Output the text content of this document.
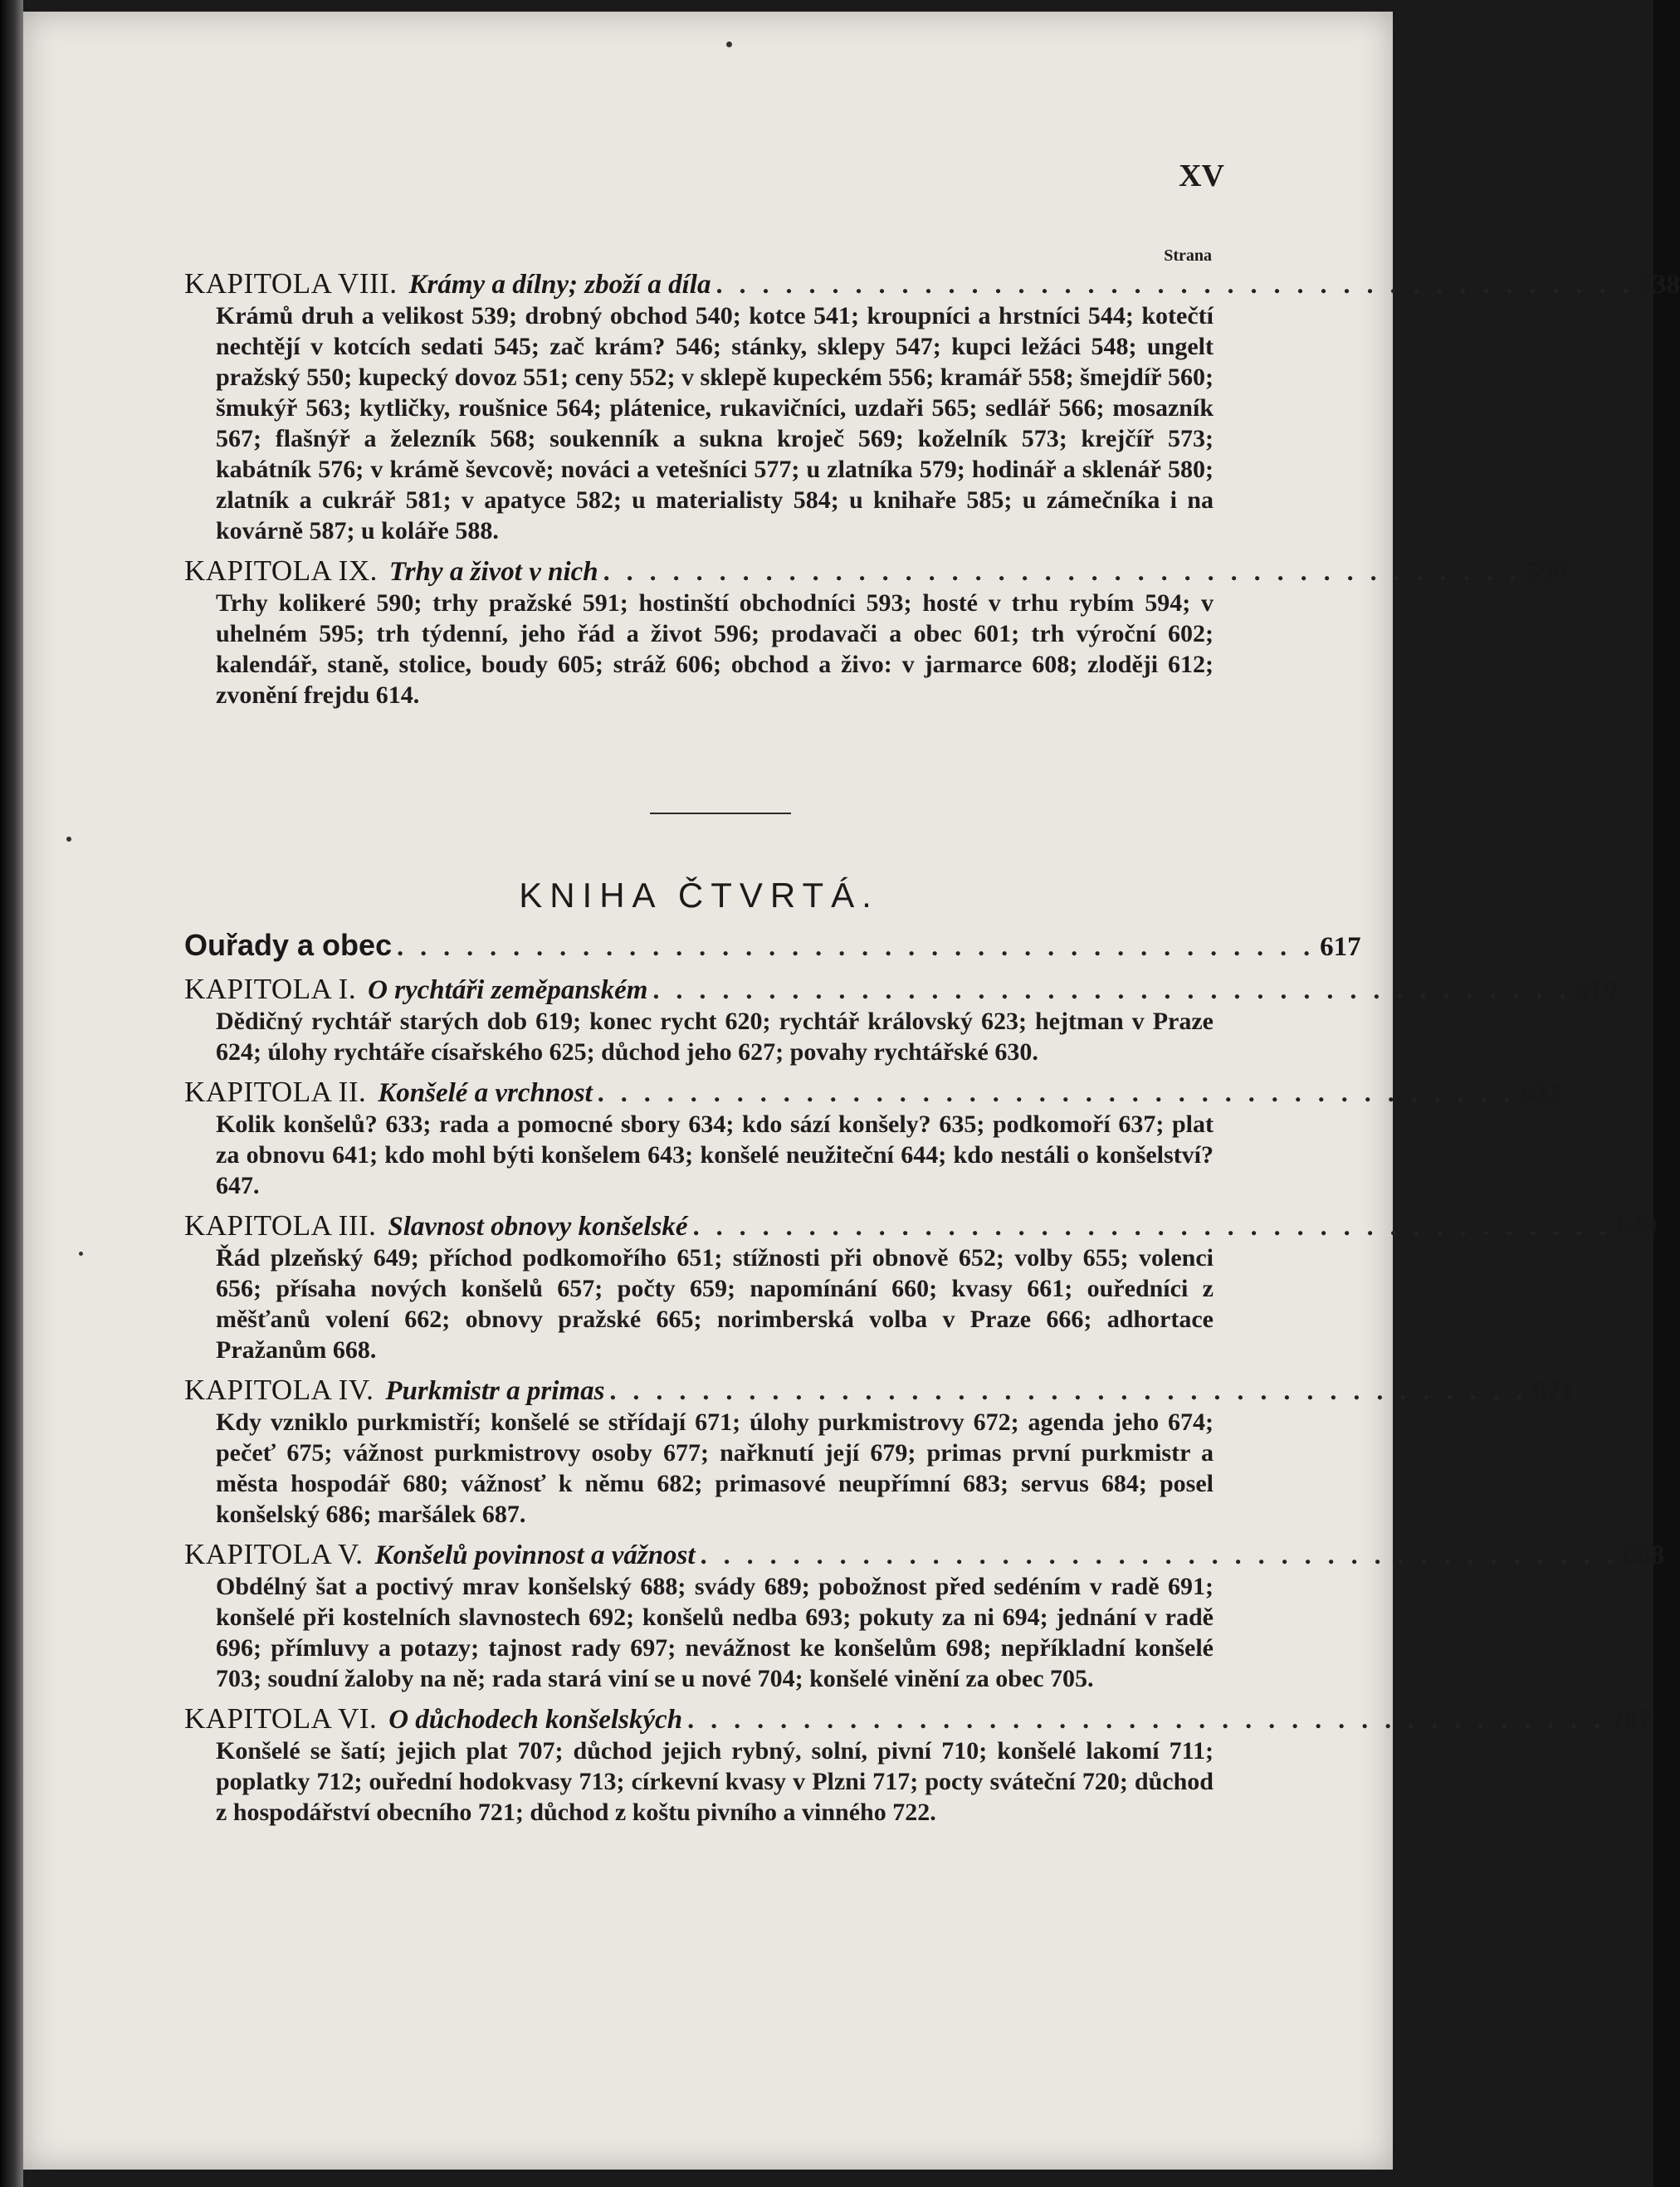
XV
Strana
KAPITOLA VIII. Krámy a dílny; zboží a díla . . . . . . . . . . . . . . . . . . . . . . . . . . . . . . . . . . . . . . . . 538
Krámů druh a velikost 539; drobný obchod 540; kotce 541; kroupníci a hrstníci 544; kotečtí nechtějí v kotcích sedati 545; zač krám? 546; stánky, sklepy 547; kupci ležáci 548; ungelt pražský 550; kupecký dovoz 551; ceny 552; v sklepě kupeckém 556; kramář 558; šmejdíř 560; šmukýř 563; kytličky, roušnice 564; plátenice, rukavičníci, uzdaři 565; sedlář 566; mosazník 567; flašnýř a železník 568; soukenník a sukna kroječ 569; koželník 573; krejčíř 573; kabátník 576; v krámě ševcově; nováci a vetešníci 577; u zlatníka 579; hodinář a sklenář 580; zlatník a cukrář 581; v apatyce 582; u materialisty 584; u knihaře 585; u zámečníka i na kovárně 587; u koláře 588.
KAPITOLA IX. Trhy a život v nich . . . . . . . . . . . . . . . . . . . . . . . . . . . . . . . . . . . . . . . . 590
Trhy kolikeré 590; trhy pražské 591; hostinští obchodníci 593; hosté v trhu rybím 594; v uhelném 595; trh týdenní, jeho řád a život 596; prodavači a obec 601; trh výroční 602; kalendář, staně, stolice, boudy 605; stráž 606; obchod a živo: v jarmarce 608; zloději 612; zvonění frejdu 614.
KNIHA ČTVRTÁ.
Ouřady a obec . . . . . . . . . . . . . . . . . . . . . . . . . . . . . . . . . . . . . . . . 617
KAPITOLA I. O rychtáři zeměpanském . . . . . . . . . . . . . . . . . . . . . . . . . . . . . . . . . . . . . . . . 619
Dědičný rychtář starých dob 619; konec rycht 620; rychtář královský 623; hejtman v Praze 624; úlohy rychtáře císařského 625; důchod jeho 627; povahy rychtářské 630.
KAPITOLA II. Konšelé a vrchnost . . . . . . . . . . . . . . . . . . . . . . . . . . . . . . . . . . . . . . . . 633
Kolik konšelů? 633; rada a pomocné sbory 634; kdo sází konšely? 635; podkomoří 637; plat za obnovu 641; kdo mohl býti konšelem 643; konšelé neužiteční 644; kdo nestáli o konšelství? 647.
KAPITOLA III. Slavnost obnovy konšelské . . . . . . . . . . . . . . . . . . . . . . . . . . . . . . . . . . . . . . . . 649
Řád plzeňský 649; příchod podkomořího 651; stížnosti při obnově 652; volby 655; volenci 656; přísaha nových konšelů 657; počty 659; napomínání 660; kvasy 661; ouředníci z měšťanů volení 662; obnovy pražské 665; norimberská volba v Praze 666; adhortace Pražanům 668.
KAPITOLA IV. Purkmistr a primas . . . . . . . . . . . . . . . . . . . . . . . . . . . . . . . . . . . . . . . . 671
Kdy vzniklo purkmistří; konšelé se střídají 671; úlohy purkmistrovy 672; agenda jeho 674; pečeť 675; vážnost purkmistrovy osoby 677; nařknutí její 679; primas první purkmistr a města hospodář 680; vážnosť k němu 682; primasové neupřímní 683; servus 684; posel konšelský 686; maršálek 687.
KAPITOLA V. Konšelů povinnost a vážnost . . . . . . . . . . . . . . . . . . . . . . . . . . . . . . . . . . . . . . . . 688
Obdélný šat a poctivý mrav konšelský 688; svády 689; pobožnost před sedéním v radě 691; konšelé při kostelních slavnostech 692; konšelů nedba 693; pokuty za ni 694; jednání v radě 696; přímluvy a potazy; tajnost rady 697; nevážnost ke konšelům 698; nepříkladní konšelé 703; soudní žaloby na ně; rada stará viní se u nové 704; konšelé vinění za obec 705.
KAPITOLA VI. O důchodech konšelských . . . . . . . . . . . . . . . . . . . . . . . . . . . . . . . . . . . . . . . . 707
Konšelé se šatí; jejich plat 707; důchod jejich rybný, solní, pivní 710; konšelé lakomí 711; poplatky 712; ouřední hodokvasy 713; církevní kvasy v Plzni 717; pocty sváteční 720; důchod z hospodářství obecního 721; důchod z koštu pivního a vinného 722.
